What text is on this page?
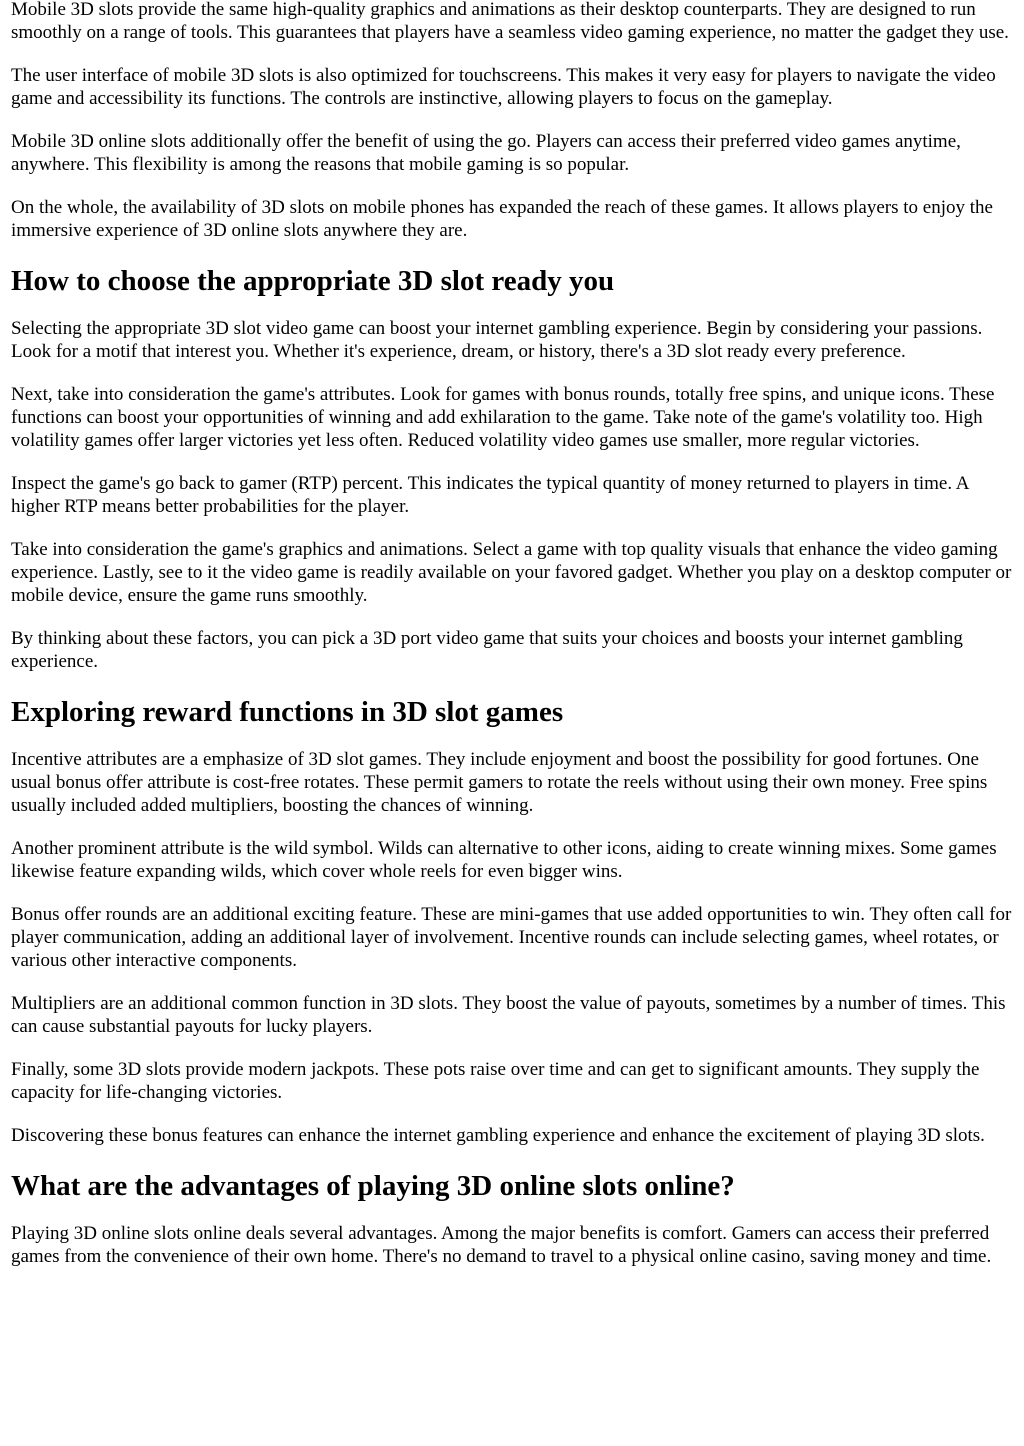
Mobile 3D slots provide the same high-quality graphics and animations as their desktop counterparts. They are designed to run smoothly on a range of tools. This guarantees that players have a seamless video gaming experience, no matter the gadget they use.

The user interface of mobile 3D slots is also optimized for touchscreens. This makes it very easy for players to navigate the video game and accessibility its functions. The controls are instinctive, allowing players to focus on the gameplay.

Mobile 3D online slots additionally offer the benefit of using the go. Players can access their preferred video games anytime, anywhere. This flexibility is among the reasons that mobile gaming is so popular.

On the whole, the availability of 3D slots on mobile phones has expanded the reach of these games. It allows players to enjoy the immersive experience of 3D online slots anywhere they are.

How to choose the appropriate 3D slot ready you

Selecting the appropriate 3D slot video game can boost your internet gambling experience. Begin by considering your passions. Look for a motif that interest you. Whether it's experience, dream, or history, there's a 3D slot ready every preference.

Next, take into consideration the game's attributes. Look for games with bonus rounds, totally free spins, and unique icons. These functions can boost your opportunities of winning and add exhilaration to the game. Take note of the game's volatility too. High volatility games offer larger victories yet less often. Reduced volatility video games use smaller, more regular victories.

Inspect the game's go back to gamer (RTP) percent. This indicates the typical quantity of money returned to players in time. A higher RTP means better probabilities for the player.

Take into consideration the game's graphics and animations. Select a game with top quality visuals that enhance the video gaming experience. Lastly, see to it the video game is readily available on your favored gadget. Whether you play on a desktop computer or mobile device, ensure the game runs smoothly.

By thinking about these factors, you can pick a 3D port video game that suits your choices and boosts your internet gambling experience.

Exploring reward functions in 3D slot games

Incentive attributes are a emphasize of 3D slot games. They include enjoyment and boost the possibility for good fortunes. One usual bonus offer attribute is cost-free rotates. These permit gamers to rotate the reels without using their own money. Free spins usually included added multipliers, boosting the chances of winning.

Another prominent attribute is the wild symbol. Wilds can alternative to other icons, aiding to create winning mixes. Some games likewise feature expanding wilds, which cover whole reels for even bigger wins.

Bonus offer rounds are an additional exciting feature. These are mini-games that use added opportunities to win. They often call for player communication, adding an additional layer of involvement. Incentive rounds can include selecting games, wheel rotates, or various other interactive components.

Multipliers are an additional common function in 3D slots. They boost the value of payouts, sometimes by a number of times. This can cause substantial payouts for lucky players.

Finally, some 3D slots provide modern jackpots. These pots raise over time and can get to significant amounts. They supply the capacity for life-changing victories.

Discovering these bonus features can enhance the internet gambling experience and enhance the excitement of playing 3D slots.

What are the advantages of playing 3D online slots online?

Playing 3D online slots online deals several advantages. Among the major benefits is comfort. Gamers can access their preferred games from the convenience of their own home. There's no demand to travel to a physical online casino, saving money and time.
